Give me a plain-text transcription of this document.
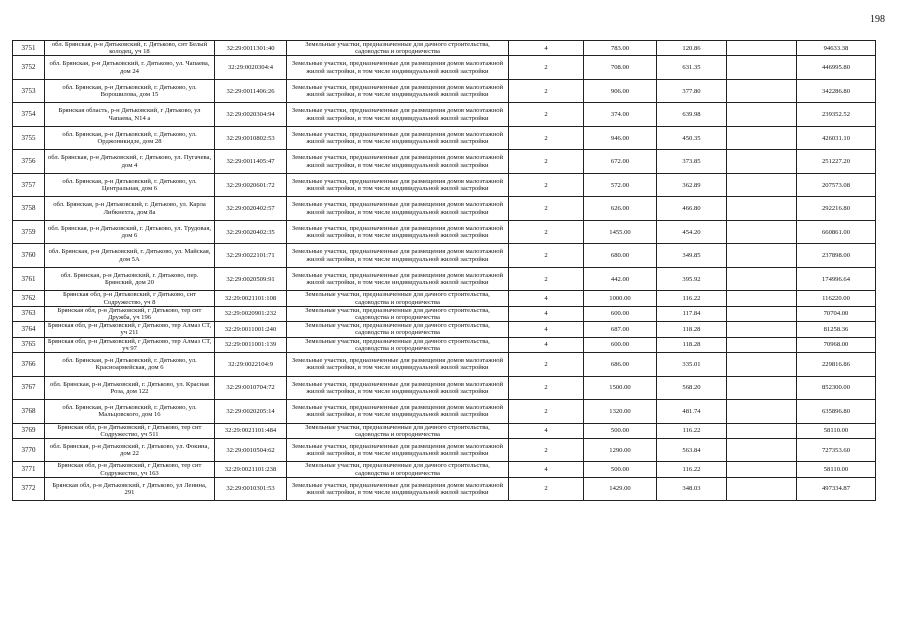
198
3751	обл. Брянская, р-н Дятьковский, г. Дятьково, снт Белый колодец, уч 18	32:29:0011301:40	Земельные участки, предназначенные для дачного строительства, садоводства и огородничества	4	783.00	120.86		94633.38
3752	обл. Брянская, р-н Дятьковский, г. Дятьково, ул. Чапаева, дом 24	32:29:0020304:4	Земельные участки, предназначенные для размещения домов малоэтажной жилой застройки, в том числе индивидуальной жилой застройки	2	708.00	631.35		446995.80
3753	обл. Брянская, р-н Дятьковский, г. Дятьково, ул. Ворошилова, дом 15	32:29:0011406:26	Земельные участки, предназначенные для размещения домов малоэтажной жилой застройки, в том числе индивидуальной жилой застройки	2	906.00	377.80		342286.80
3754	Брянская область, р-н Дятьковский, г Дятьково, ул Чапаева, N14 а	32:29:0020304:94	Земельные участки, предназначенные для размещения домов малоэтажной жилой застройки, в том числе индивидуальной жилой застройки	2	374.00	639.98		239352.52
3755	обл. Брянская, р-н Дятьковский, г. Дятьково, ул. Орджоникидзе, дом 28	32:29:0010802:53	Земельные участки, предназначенные для размещения домов малоэтажной жилой застройки, в том числе индивидуальной жилой застройки	2	946.00	450.35		426031.10
3756	обл. Брянская, р-н Дятьковский, г. Дятьково, ул. Пугачева, дом 4	32:29:0011405:47	Земельные участки, предназначенные для размещения домов малоэтажной жилой застройки, в том числе индивидуальной жилой застройки	2	672.00	373.85		251227.20
3757	обл. Брянская, р-н Дятьковский, г. Дятьково, ул. Центральная, дом 6	32:29:0020601:72	Земельные участки, предназначенные для размещения домов малоэтажной жилой застройки, в том числе индивидуальной жилой застройки	2	572.00	362.89		207573.08
3758	обл. Брянская, р-н Дятьковский, г. Дятьково, ул. Карла Либкнехта, дом 8а	32:29:0020402:57	Земельные участки, предназначенные для размещения домов малоэтажной жилой застройки, в том числе индивидуальной жилой застройки	2	626.00	466.80		292216.80
3759	обл. Брянская, р-н Дятьковский, г. Дятьково, ул. Трудовая, дом 6	32:29:0020402:35	Земельные участки, предназначенные для размещения домов малоэтажной жилой застройки, в том числе индивидуальной жилой застройки	2	1455.00	454.20		660861.00
3760	обл. Брянская, р-н Дятьковский, г. Дятьково, ул. Майская, дом 5А	32:29:0022101:71	Земельные участки, предназначенные для размещения домов малоэтажной жилой застройки, в том числе индивидуальной жилой застройки	2	680.00	349.85		237898.00
3761	обл. Брянская, р-н Дятьковский, г. Дятьково, пер. Брянский, дом 20	32:29:0020509:91	Земельные участки, предназначенные для размещения домов малоэтажной жилой застройки, в том числе индивидуальной жилой застройки	2	442.00	395.92		174996.64
3762	Брянская обл, р-н Дятьковский, г Дятьково, снт Содружество, уч 8	32:29:0021101:108	Земельные участки, предназначенные для дачного строительства, садоводства и огородничества	4	1000.00	116.22		116220.00
3763	Брянская обл, р-н Дятьковский, г Дятьково, тер снт Дружба, уч 196	32:29:0020901:232	Земельные участки, предназначенные для дачного строительства, садоводства и огородничества	4	600.00	117.84		70704.00
3764	Брянская обл, р-н Дятьковский, г Дятьково, тер Алмаз СТ, уч 211	32:29:0011001:240	Земельные участки, предназначенные для дачного строительства, садоводства и огородничества	4	687.00	118.28		81258.36
3765	Брянская обл, р-н Дятьковский, г Дятьково, тер Алмаз СТ, уч 97	32:29:0011001:139	Земельные участки, предназначенные для дачного строительства, садоводства и огородничества	4	600.00	118.28		70968.00
3766	обл. Брянская, р-н Дятьковский, г. Дятьково, ул. Красноармейская, дом 6	32:29:0022104:9	Земельные участки, предназначенные для размещения домов малоэтажной жилой застройки, в том числе индивидуальной жилой застройки	2	686.00	335.01		229816.86
3767	обл. Брянская, р-н Дятьковский, г. Дятьково, ул. Красная Роза, дом 122	32:29:0010704:72	Земельные участки, предназначенные для размещения домов малоэтажной жилой застройки, в том числе индивидуальной жилой застройки	2	1500.00	568.20		852300.00
3768	обл. Брянская, р-н Дятьковский, г. Дятьково, ул. Мальцовского, дом 16	32:29:0020205:14	Земельные участки, предназначенные для размещения домов малоэтажной жилой застройки, в том числе индивидуальной жилой застройки	2	1320.00	481.74		635896.80
3769	Брянская обл, р-н Дятьковский, г Дятьково, тер снт Содружество, уч 511	32:29:0021101:484	Земельные участки, предназначенные для дачного строительства, садоводства и огородничества	4	500.00	116.22		58110.00
3770	обл. Брянская, р-н Дятьковский, г. Дятьково, ул. Фокина, дом 22	32:29:0010504:62	Земельные участки, предназначенные для размещения домов малоэтажной жилой застройки, в том числе индивидуальной жилой застройки	2	1290.00	563.84		727353.60
3771	Брянская обл, р-н Дятьковский, г Дятьково, тер снт Содружество, уч 163	32:29:0021101:238	Земельные участки, предназначенные для дачного строительства, садоводства и огородничества	4	500.00	116.22		58110.00
3772	Брянская обл, р-н Дятьковский, г Дятьково, ул Ленина, 291	32:29:0010301:53	Земельные участки, предназначенные для размещения домов малоэтажной жилой застройки, в том числе индивидуальной жилой застройки	2	1429.00	348.03		497334.87
